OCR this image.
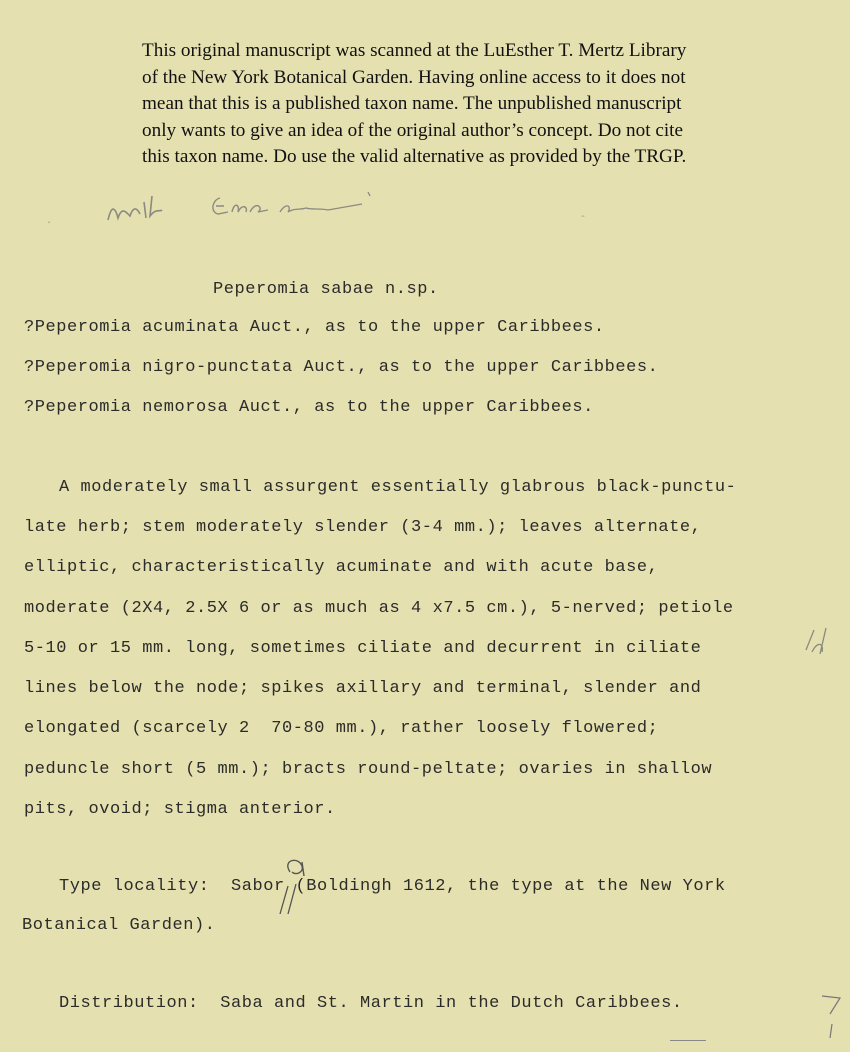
This original manuscript was scanned at the LuEsther T. Mertz Library

of the New York Botanical Garden. Having online access to it does not

mean that this is a published taxon name. The unpublished manuscript

only wants to give an idea of the original author’s concept. Do not cite

this taxon name. Do use the valid alternative as provided by the TRGP.

·
-
Peperomia sabae n.sp.
?Peperomia acuminata Auct., as to the upper Caribbees.
?Peperomia nigro-punctata Auct., as to the upper Caribbees.
?Peperomia nemorosa Auct., as to the upper Caribbees.
A moderately small assurgent essentially glabrous black-punctu-
late herb; stem moderately slender (3-4 mm.); leaves alternate,
elliptic, characteristically acuminate and with acute base,
moderate (2X4, 2.5X 6 or as much as 4 x7.5 cm.), 5-nerved; petiole
5-10 or 15 mm. long, sometimes ciliate and decurrent in ciliate
lines below the node; spikes axillary and terminal, slender and
elongated (scarcely 2  70-80 mm.), rather loosely flowered;
peduncle short (5 mm.); bracts round-peltate; ovaries in shallow
pits, ovoid; stigma anterior.
Type locality:  Sabor (Boldingh 1612, the type at the New York
Botanical Garden).
Distribution:  Saba and St. Martin in the Dutch Caribbees.
